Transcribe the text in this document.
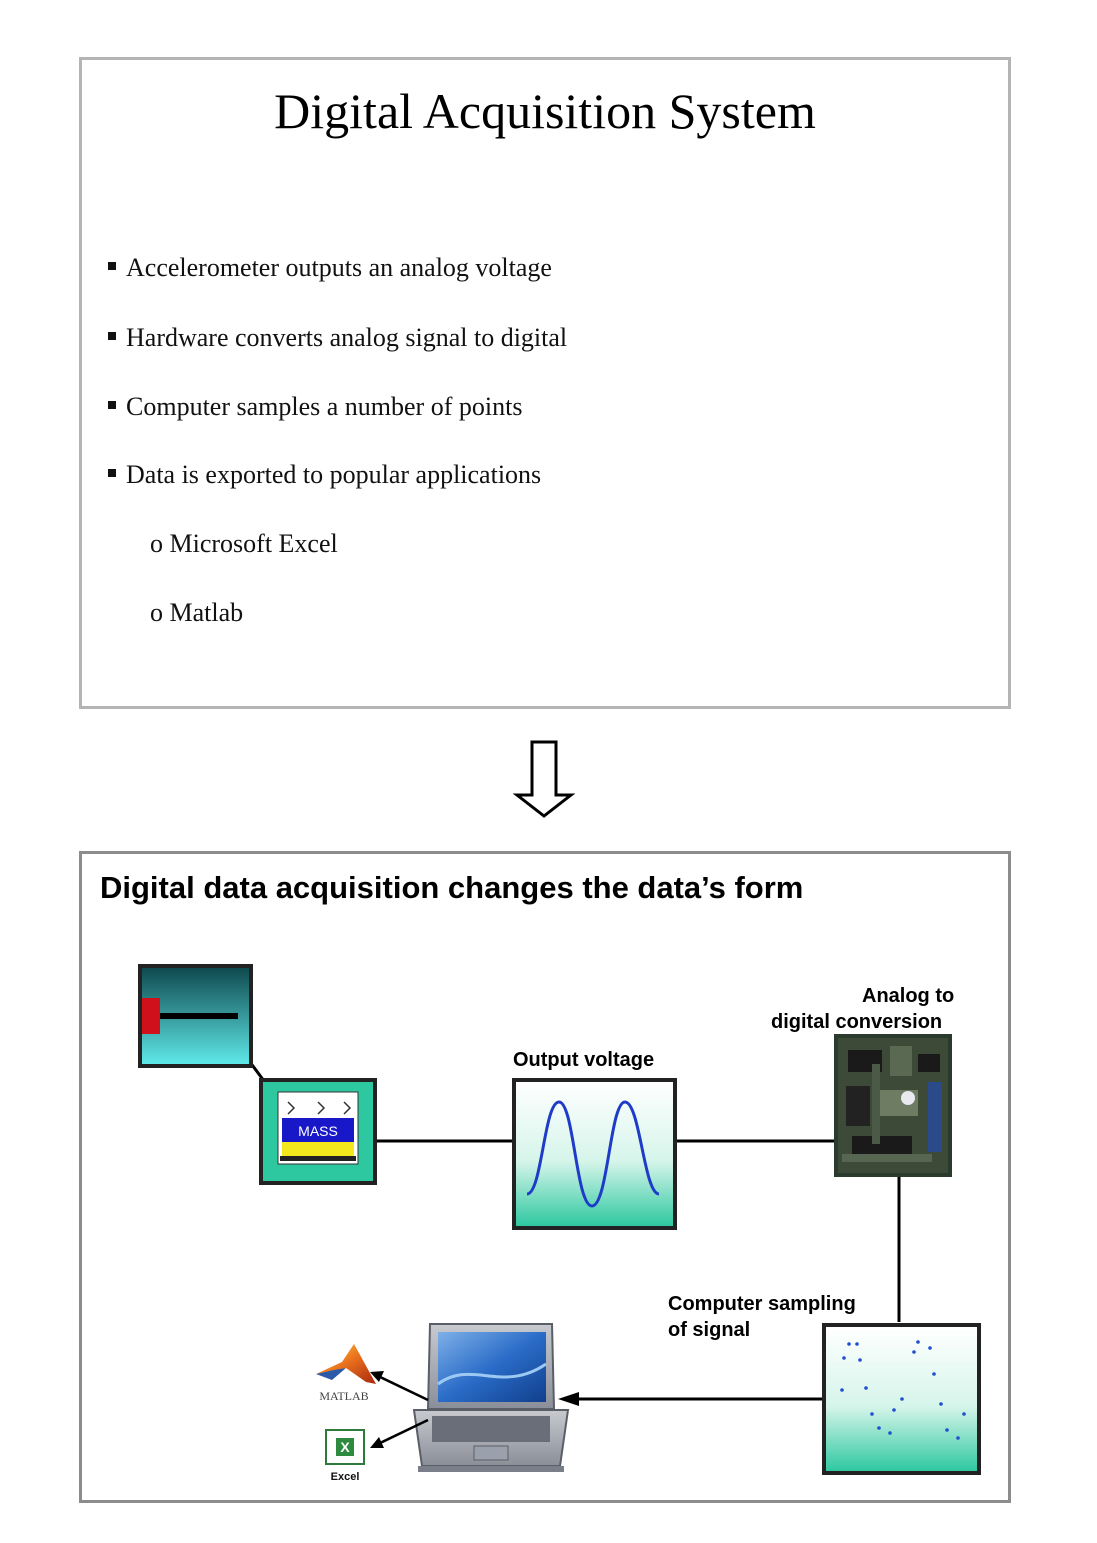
Digital Acquisition System
Accelerometer outputs an analog voltage
Hardware converts analog signal to digital
Computer samples a number of points
Data is exported to popular applications
o Microsoft Excel
o Matlab
Digital data acquisition changes the data’s form
Output voltage
Analog to
digital conversion
Computer sampling
of signal
MASS
MATLAB
X
Excel
